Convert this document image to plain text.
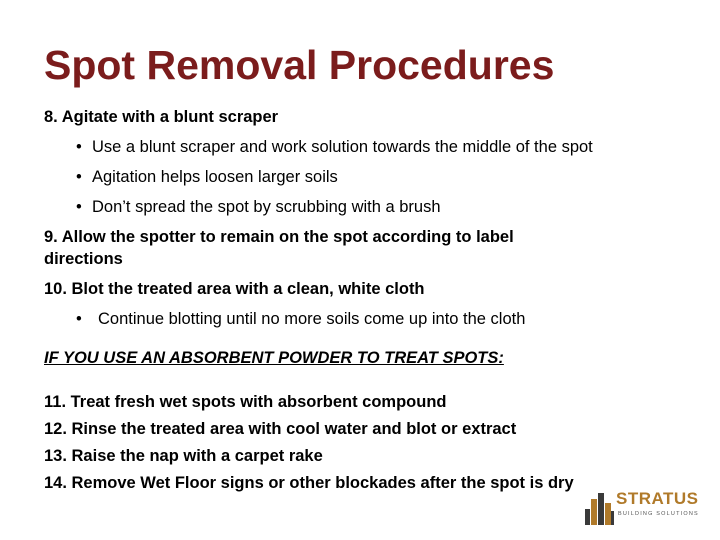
Spot Removal Procedures
8. Agitate with a blunt scraper
• Use a blunt scraper and work solution towards the middle of the spot
• Agitation helps loosen larger soils
• Don’t spread the spot by scrubbing with a brush
9. Allow the spotter to remain on the spot according to label
directions
10. Blot the treated area with a clean, white cloth
• Continue blotting until no more soils come up into the cloth
IF YOU USE AN ABSORBENT POWDER TO TREAT SPOTS:
11. Treat fresh wet spots with absorbent compound
12. Rinse the treated area with cool water and blot or extract
13. Raise the nap with a carpet rake
14. Remove Wet Floor signs or other blockades after the spot is dry
STRATUS
BUILDING SOLUTIONS
